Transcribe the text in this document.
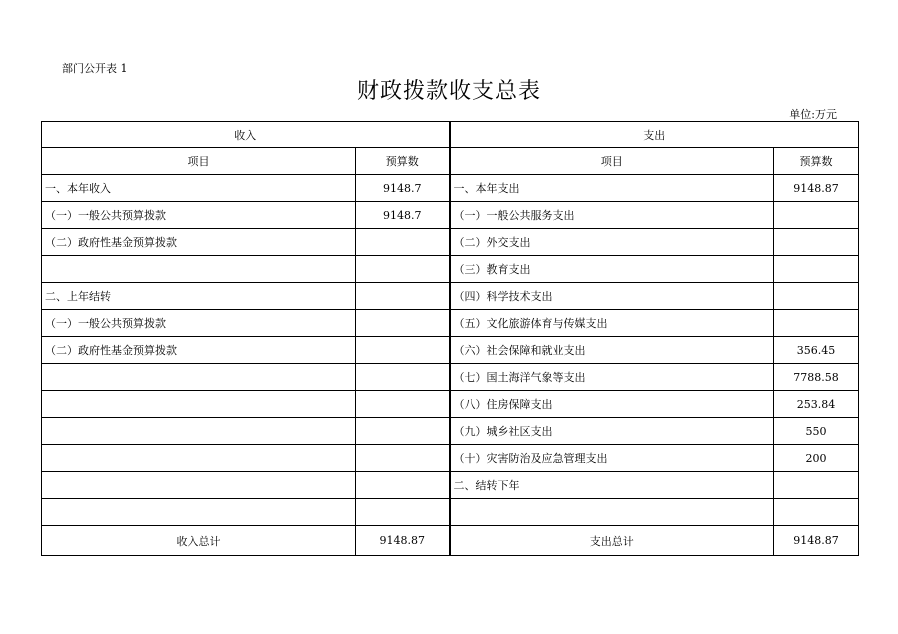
部门公开表 1
财政拨款收支总表
单位:万元
收入		支出	
项目	预算数	项目	预算数
一、本年收入	9148.7	一、本年支出	9148.87
（一）一般公共预算拨款	9148.7	（一）一般公共服务支出	
（二）政府性基金预算拨款		（二）外交支出	
		（三）教育支出	
二、上年结转		（四）科学技术支出	
（一）一般公共预算拨款		（五）文化旅游体育与传媒支出	
（二）政府性基金预算拨款		（六）社会保障和就业支出	356.45
		（七）国土海洋气象等支出	7788.58
		（八）住房保障支出	253.84
		（九）城乡社区支出	550
		（十）灾害防治及应急管理支出	200
		二、结转下年	

收入总计	9148.87	支出总计	9148.87
